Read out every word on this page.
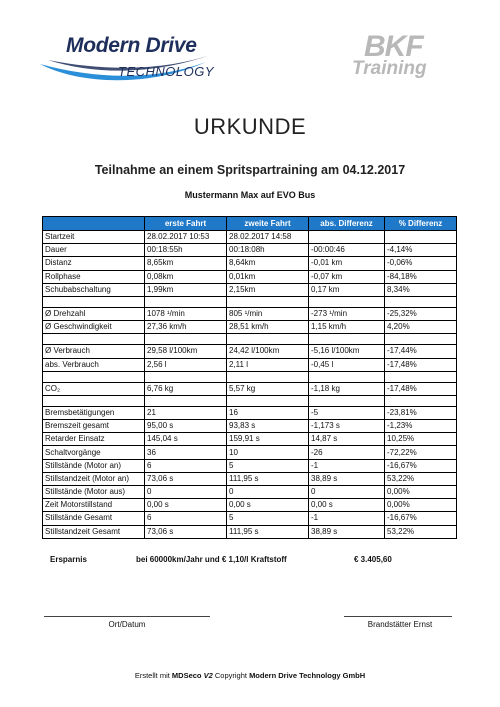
Modern Drive
TECHNOLOGY
BKF
Training
URKUNDE
Teilnahme an einem Spritspartraining am 04.12.2017
Mustermann Max auf EVO Bus
	erste Fahrt	zweite Fahrt	abs. Differenz	% Differenz
Startzeit	28.02.2017 10:53	28.02.2017 14:58		
Dauer	00:18:55h	00:18:08h	-00:00:46	-4,14%
Distanz	8,65km	8,64km	-0,01 km	-0,06%
Rollphase	0,08km	0,01km	-0,07 km	-84,18%
Schubabschaltung	1,99km	2,15km	0,17 km	8,34%

Ø Drehzahl	1078 ¹/min	805 ¹/min	-273 ¹/min	-25,32%
Ø Geschwindigkeit	27,36 km/h	28,51 km/h	1,15 km/h	4,20%

Ø Verbrauch	29,58 l/100km	24,42 l/100km	-5,16 l/100km	-17,44%
abs. Verbrauch	2,56 l	2,11 l	-0,45 l	-17,48%

CO₂	6,76 kg	5,57 kg	-1,18 kg	-17,48%

Bremsbetätigungen	21	16	-5	-23,81%
Bremszeit gesamt	95,00 s	93,83 s	-1,173 s	-1,23%
Retarder Einsatz	145,04 s	159,91 s	14,87 s	10,25%
Schaltvorgänge	36	10	-26	-72,22%
Stillstände (Motor an)	6	5	-1	-16,67%
Stillstandzeit (Motor an)	73,06 s	111,95 s	38,89 s	53,22%
Stillstände (Motor aus)	0	0	0	0,00%
Zeit Motorstillstand	0,00 s	0,00 s	0,00 s	0,00%
Stillstände Gesamt	6	5	-1	-16,67%
Stillstandzeit Gesamt	73,06 s	111,95 s	38,89 s	53,22%
Ersparnis	bei 60000km/Jahr und € 1,10/l Kraftstoff	€ 3.405,60
Ort/Datum	Brandstätter Ernst
Erstellt mit MDSeco V2 Copyright Modern Drive Technology GmbH
